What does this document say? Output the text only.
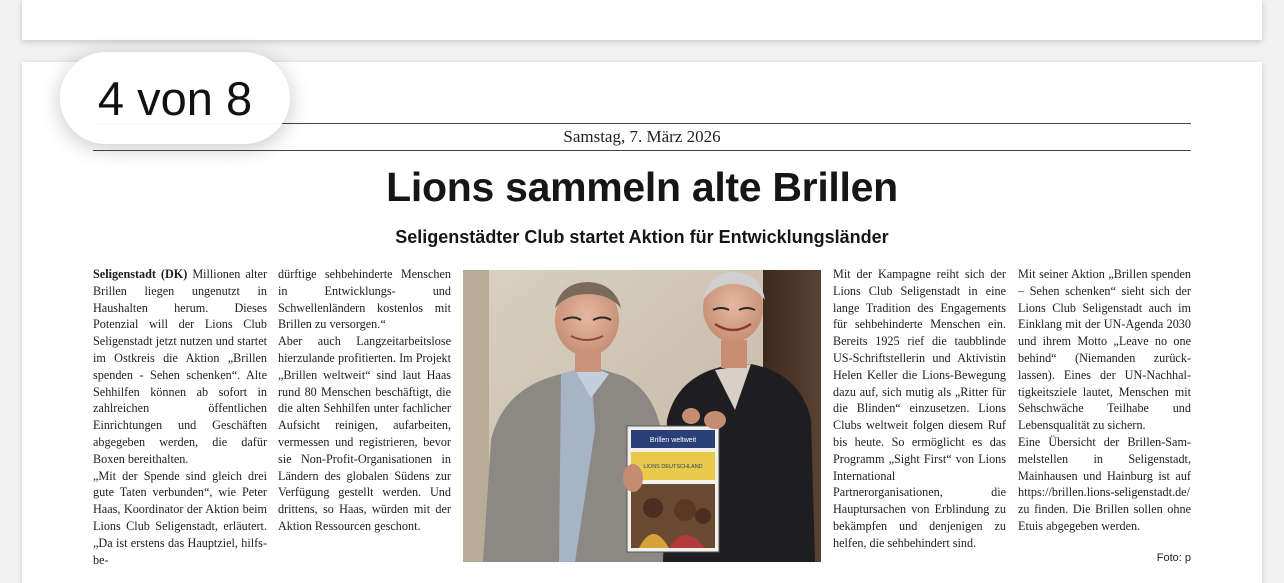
4 von 8
Samstag, 7. März 2026
Lions sammeln alte Brillen
Seligenstädter Club startet Aktion für Entwicklungsländer

Seligenstadt (DK) Millionen alter Brillen liegen ungenutzt in Haushalten herum. Dieses Potenzial will der Lions Club Seligenstadt jetzt nutzen und startet im Ostkreis die Aktion „Brillen spenden - Sehen schenken“. Alte Sehhilfen können ab sofort in zahlreichen öffentlichen Einrichtungen und Geschäften abgegeben werden, die dafür Boxen bereithalten.

„Mit der Spende sind gleich drei gute Taten verbunden“, wie Peter Haas, Koordinator der Aktion beim Lions Club Seligenstadt, erläutert. „Da ist erstens das Hauptziel, hilfsbe-

dürftige sehbehinderte Menschen in Entwicklungs- und Schwellenländern kostenlos mit Brillen zu versorgen.“

Aber auch Langzeitarbeitslose hierzulande profitierten. Im Projekt „Brillen weltweit“ sind laut Haas rund 80 Menschen beschäftigt, die die alten Sehhilfen unter fachlicher Aufsicht reinigen, aufarbeiten, vermessen und registrieren, bevor sie Non-Profit-Organisationen in Ländern des globalen Südens zur Verfügung gestellt werden. Und drittens, so Haas, würden mit der Aktion Ressourcen geschont.

Brillen weltweit
LIONS DEUTSCHLAND

Mit der Kampagne reiht sich der Lions Club Seligenstadt in eine lange Tradition des Engagements für sehbehinderte Menschen ein. Bereits 1925 rief die taubblinde US-Schriftstellerin und Aktivistin Helen Keller die Lions-Bewegung dazu auf, sich mutig als „Ritter für die Blinden“ einzusetzen. Lions Clubs weltweit folgen diesem Ruf bis heute. So ermöglicht es das Programm „Sight First“ von Lions International Partnerorganisationen, die Hauptursachen von Erblindung zu bekämpfen und denjenigen zu helfen, die sehbehindert sind.

Mit seiner Aktion „Brillen spenden – Sehen schenken“ sieht sich der Lions Club Seligenstadt auch im Einklang mit der UN-Agenda 2030 und ihrem Motto „Leave no one behind“ (Niemanden zurücklassen). Eines der UN-Nachhaltigkeitsziele lautet, Menschen mit Sehschwäche Teilhabe und Lebensqualität zu sichern.

Eine Übersicht der Brillen-Sammelstellen in Seligenstadt, Mainhausen und Hainburg ist auf https://brillen.lions-seligenstadt.de/ zu finden. Die Brillen sollen ohne Etuis abgegeben werden.

Foto: p
